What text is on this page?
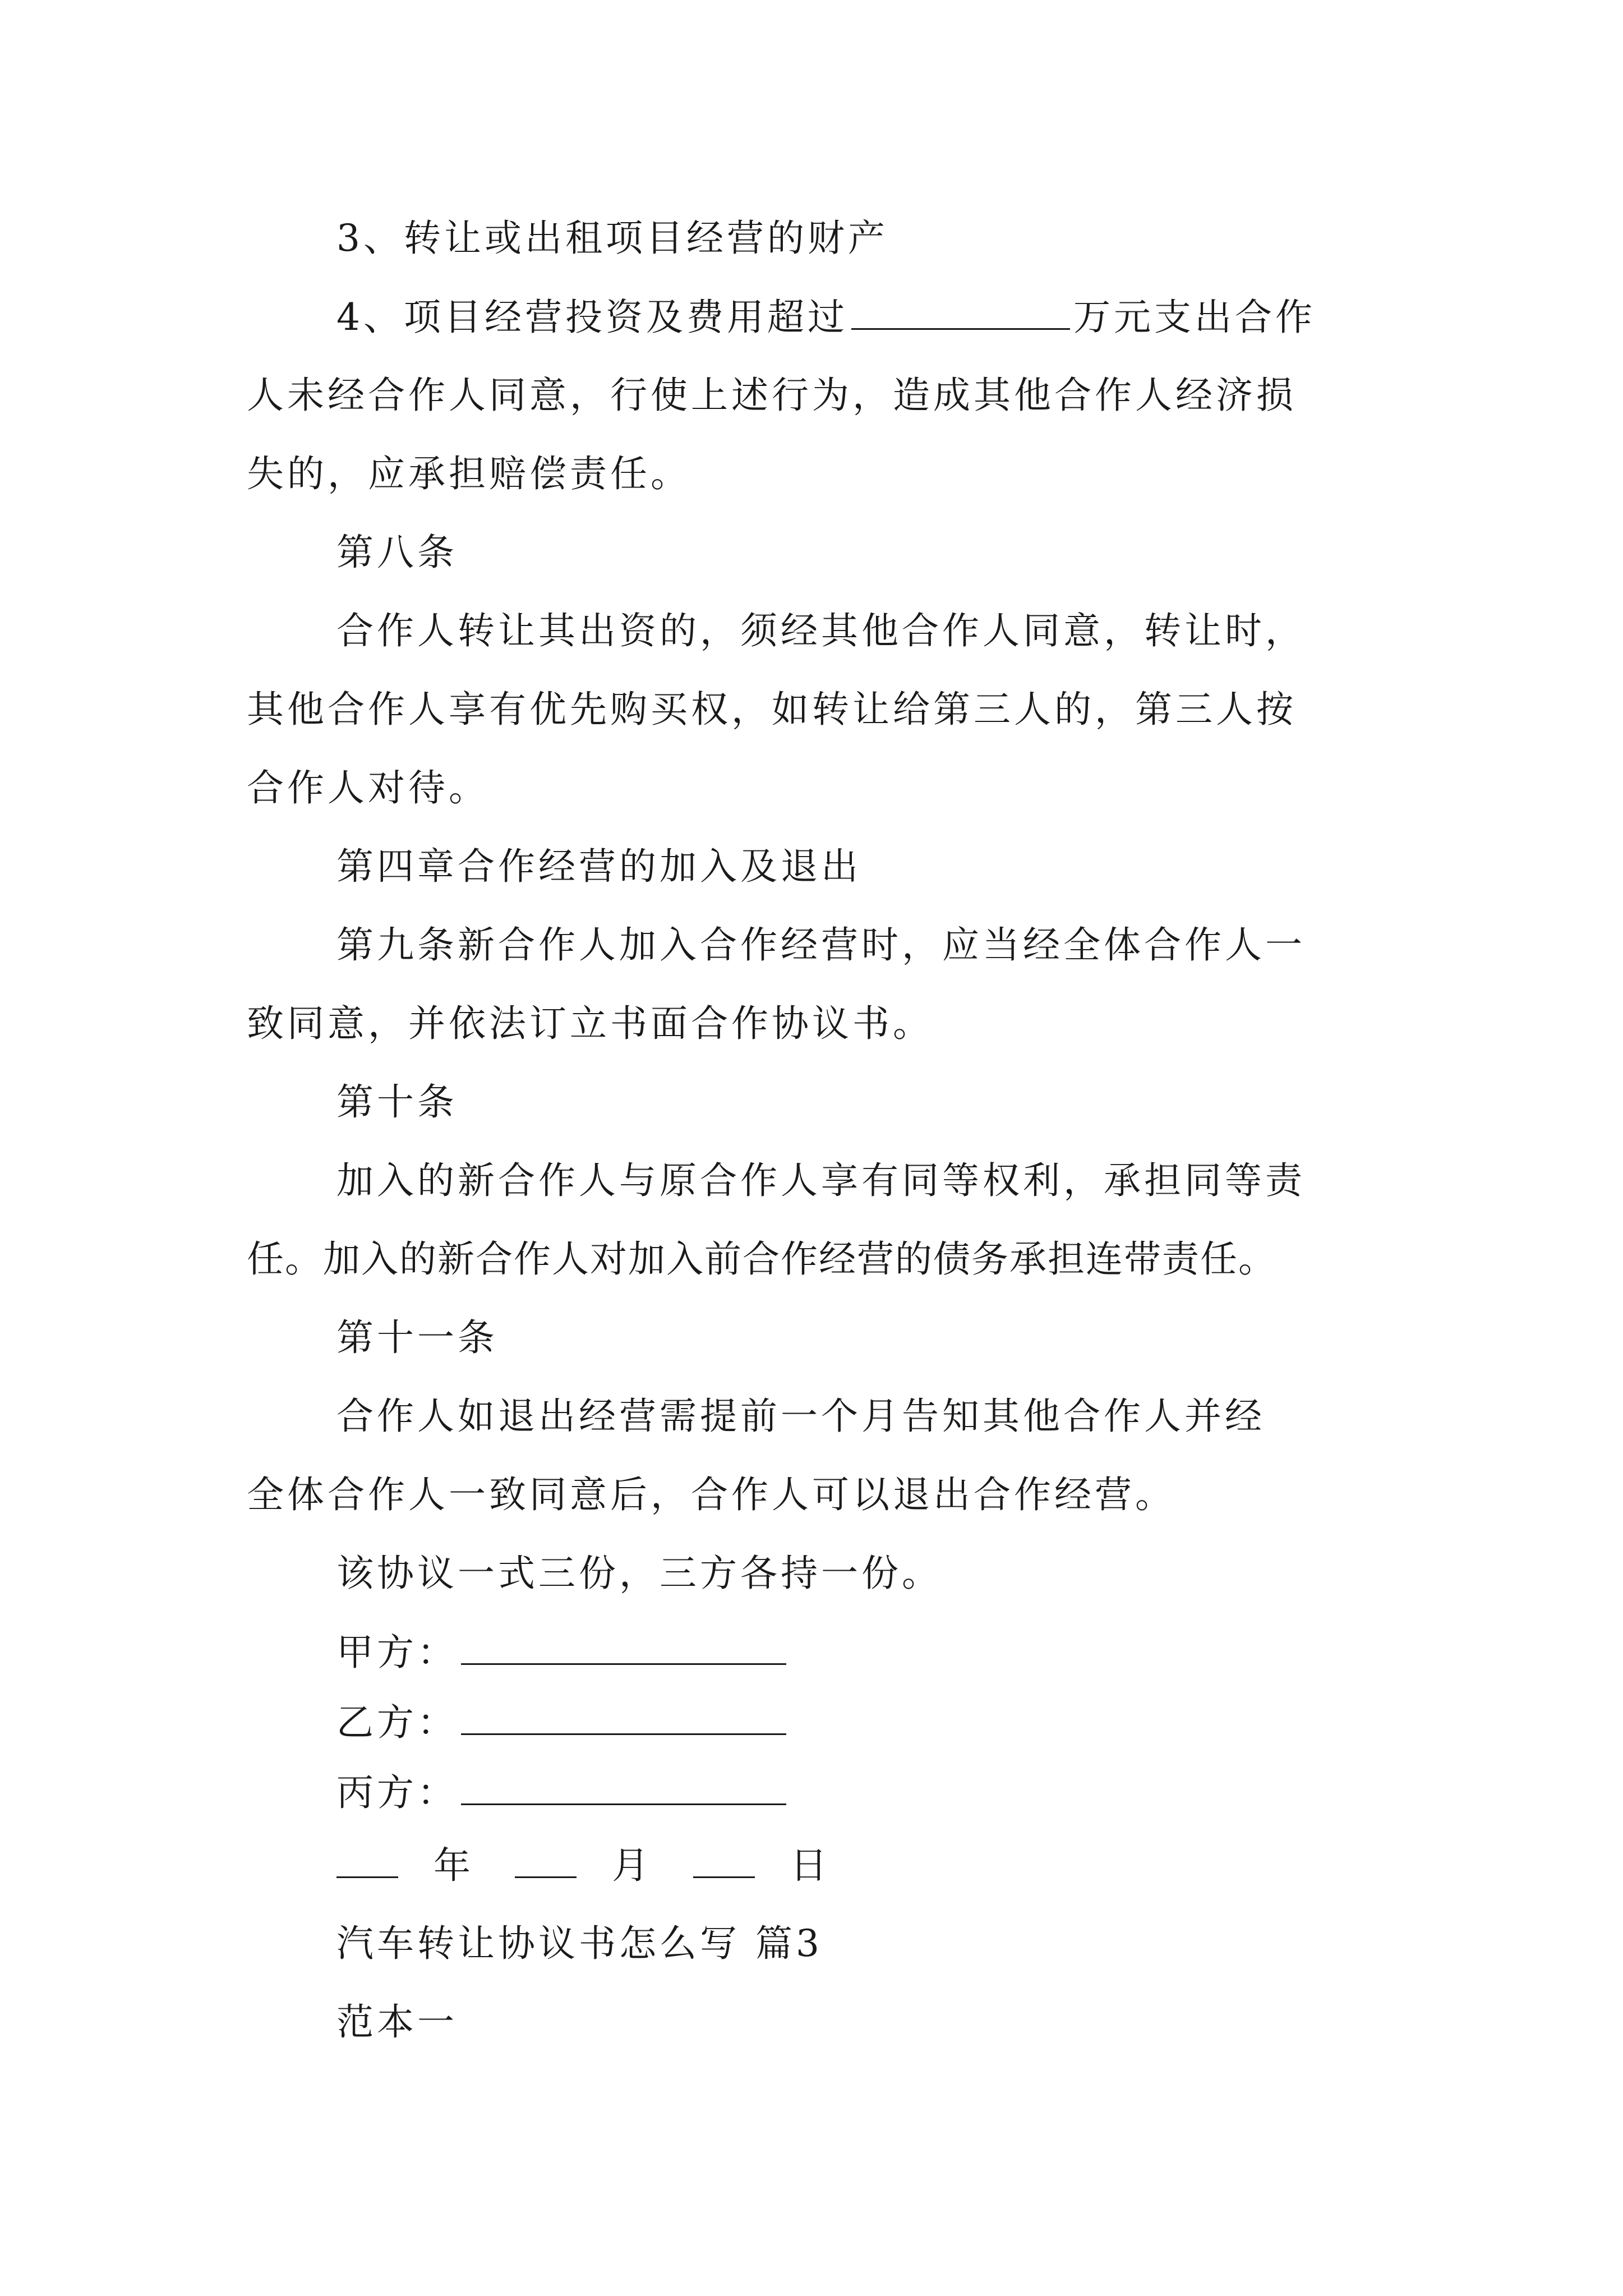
3、转让或出租项目经营的财产
4、项目经营投资及费用超过	万元支出合作
人未经合作人同意，行使上述行为，造成其他合作人经济损
失的，应承担赔偿责任。
第八条
合作人转让其出资的，须经其他合作人同意，转让时，
其他合作人享有优先购买权，如转让给第三人的，第三人按
合作人对待。
第四章合作经营的加入及退出
第九条新合作人加入合作经营时，应当经全体合作人一
致同意，并依法订立书面合作协议书。
第十条
加入的新合作人与原合作人享有同等权利，承担同等责
任。加入的新合作人对加入前合作经营的债务承担连带责任。
第十一条
合作人如退出经营需提前一个月告知其他合作人并经
全体合作人一致同意后，合作人可以退出合作经营。
该协议一式三份，三方各持一份。
甲方：
乙方：
丙方：
年	月	日
汽车转让协议书怎么写 篇3
范本一
